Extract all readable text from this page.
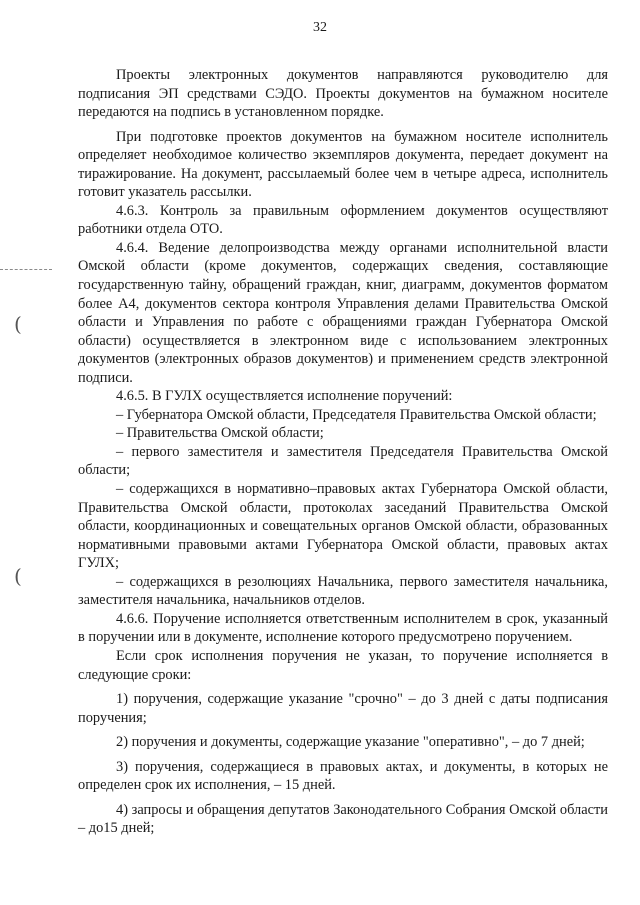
32
(
(

Проекты электронных документов направляются руководителю для подписания ЭП средствами СЭДО. Проекты документов на бумажном носителе передаются на подпись в установленном порядке.

При подготовке проектов документов на бумажном носителе исполнитель определяет необходимое количество экземпляров документа, передает документ на тиражирование. На документ, рассылаемый более чем в четыре адреса, исполнитель готовит указатель рассылки.

4.6.3. Контроль за правильным оформлением документов осуществляют работники отдела ОТО.

4.6.4. Ведение делопроизводства между органами исполнительной власти Омской области (кроме документов, содержащих сведения, составляющие государственную тайну, обращений граждан, книг, диаграмм, документов форматом более А4, документов сектора контроля Управления делами Правительства Омской области и Управления по работе с обращениями граждан Губернатора Омской области) осуществляется в электронном виде с использованием электронных документов (электронных образов документов) и применением средств электронной подписи.

4.6.5. В ГУЛХ осуществляется исполнение поручений:

– Губернатора Омской области, Председателя Правительства Омской области;

– Правительства Омской области;

– первого заместителя и заместителя Председателя Правительства Омской области;

– содержащихся в нормативно–правовых актах Губернатора Омской области, Правительства Омской области, протоколах заседаний Правительства Омской области, координационных и совещательных органов Омской области, образованных нормативными правовыми актами Губернатора Омской области, правовых актах ГУЛХ;

– содержащихся в резолюциях Начальника, первого заместителя начальника, заместителя начальника, начальников отделов.

4.6.6. Поручение исполняется ответственным исполнителем в срок, указанный в поручении или в документе, исполнение которого предусмотрено поручением.

Если срок исполнения поручения не указан, то поручение исполняется в следующие сроки:

1) поручения, содержащие указание "срочно" – до 3 дней с даты подписания поручения;

2) поручения и документы, содержащие указание "оперативно", – до 7 дней;

3) поручения, содержащиеся в правовых актах, и документы, в которых не определен срок их исполнения, – 15 дней.

4) запросы и обращения депутатов Законодательного Собрания Омской области – до15 дней;
